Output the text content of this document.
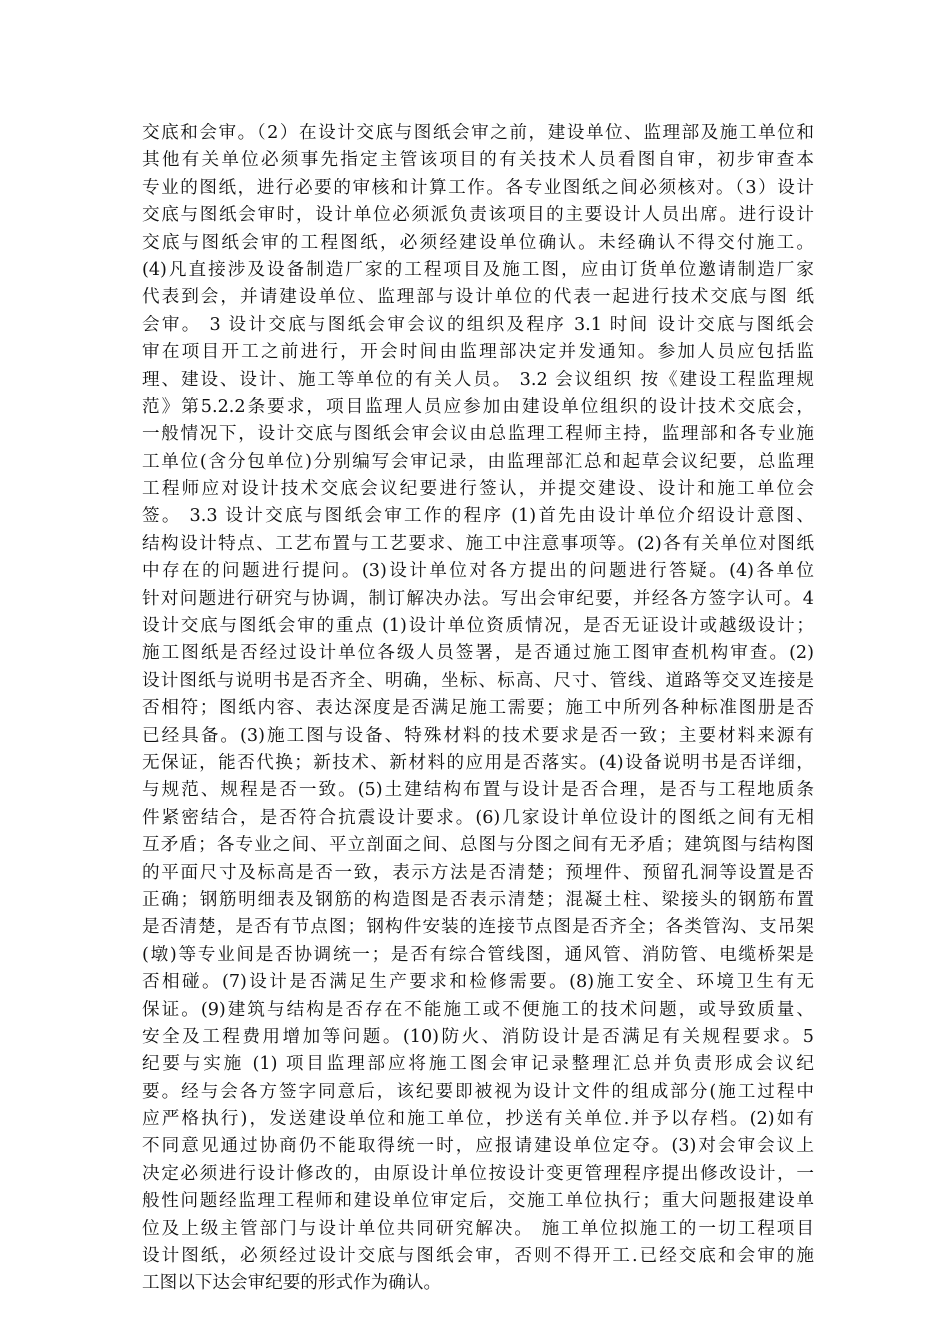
交底和会审。（2）在设计交底与图纸会审之前，建设单位、监理部及施工单位和
其他有关单位必须事先指定主管该项目的有关技术人员看图自审，初步审查本
专业的图纸，进行必要的审核和计算工作。各专业图纸之间必须核对。（3）设计
交底与图纸会审时，设计单位必须派负责该项目的主要设计人员出席。进行设计
交底与图纸会审的工程图纸，必须经建设单位确认。未经确认不得交付施工。
(4)凡直接涉及设备制造厂家的工程项目及施工图，应由订货单位邀请制造厂家
代表到会，并请建设单位、监理部与设计单位的代表一起进行技术交底与图 纸
会审。 3 设计交底与图纸会审会议的组织及程序 3.1 时间 设计交底与图纸会
审在项目开工之前进行，开会时间由监理部决定并发通知。参加人员应包括监
理、建设、设计、施工等单位的有关人员。 3.2 会议组织 按《建设工程监理规
范》第5.2.2条要求，项目监理人员应参加由建设单位组织的设计技术交底会，
一般情况下，设计交底与图纸会审会议由总监理工程师主持，监理部和各专业施
工单位(含分包单位)分别编写会审记录，由监理部汇总和起草会议纪要，总监理
工程师应对设计技术交底会议纪要进行签认，并提交建设、设计和施工单位会
签。 3.3 设计交底与图纸会审工作的程序 (1)首先由设计单位介绍设计意图、
结构设计特点、工艺布置与工艺要求、施工中注意事项等。(2)各有关单位对图纸
中存在的问题进行提问。(3)设计单位对各方提出的问题进行答疑。(4)各单位
针对问题进行研究与协调，制订解决办法。写出会审纪要，并经各方签字认可。4
设计交底与图纸会审的重点 (1)设计单位资质情况，是否无证设计或越级设计；
施工图纸是否经过设计单位各级人员签署，是否通过施工图审查机构审查。(2)
设计图纸与说明书是否齐全、明确，坐标、标高、尺寸、管线、道路等交叉连接是
否相符；图纸内容、表达深度是否满足施工需要；施工中所列各种标准图册是否
已经具备。(3)施工图与设备、特殊材料的技术要求是否一致；主要材料来源有
无保证，能否代换；新技术、新材料的应用是否落实。(4)设备说明书是否详细，
与规范、规程是否一致。(5)土建结构布置与设计是否合理，是否与工程地质条
件紧密结合，是否符合抗震设计要求。(6)几家设计单位设计的图纸之间有无相
互矛盾；各专业之间、平立剖面之间、总图与分图之间有无矛盾；建筑图与结构图
的平面尺寸及标高是否一致，表示方法是否清楚；预埋件、预留孔洞等设置是否
正确；钢筋明细表及钢筋的构造图是否表示清楚；混凝土柱、梁接头的钢筋布置
是否清楚，是否有节点图；钢构件安装的连接节点图是否齐全；各类管沟、支吊架
(墩)等专业间是否协调统一；是否有综合管线图，通风管、消防管、电缆桥架是
否相碰。(7)设计是否满足生产要求和检修需要。(8)施工安全、环境卫生有无
保证。(9)建筑与结构是否存在不能施工或不便施工的技术问题，或导致质量、
安全及工程费用增加等问题。(10)防火、消防设计是否满足有关规程要求。5
纪要与实施 (1) 项目监理部应将施工图会审记录整理汇总并负责形成会议纪
要。经与会各方签字同意后，该纪要即被视为设计文件的组成部分(施工过程中
应严格执行)，发送建设单位和施工单位，抄送有关单位.并予以存档。(2)如有
不同意见通过协商仍不能取得统一时，应报请建设单位定夺。(3)对会审会议上
决定必须进行设计修改的，由原设计单位按设计变更管理程序提出修改设计，一
般性问题经监理工程师和建设单位审定后，交施工单位执行；重大问题报建设单
位及上级主管部门与设计单位共同研究解决。 施工单位拟施工的一切工程项目
设计图纸，必须经过设计交底与图纸会审，否则不得开工.已经交底和会审的施
工图以下达会审纪要的形式作为确认。
